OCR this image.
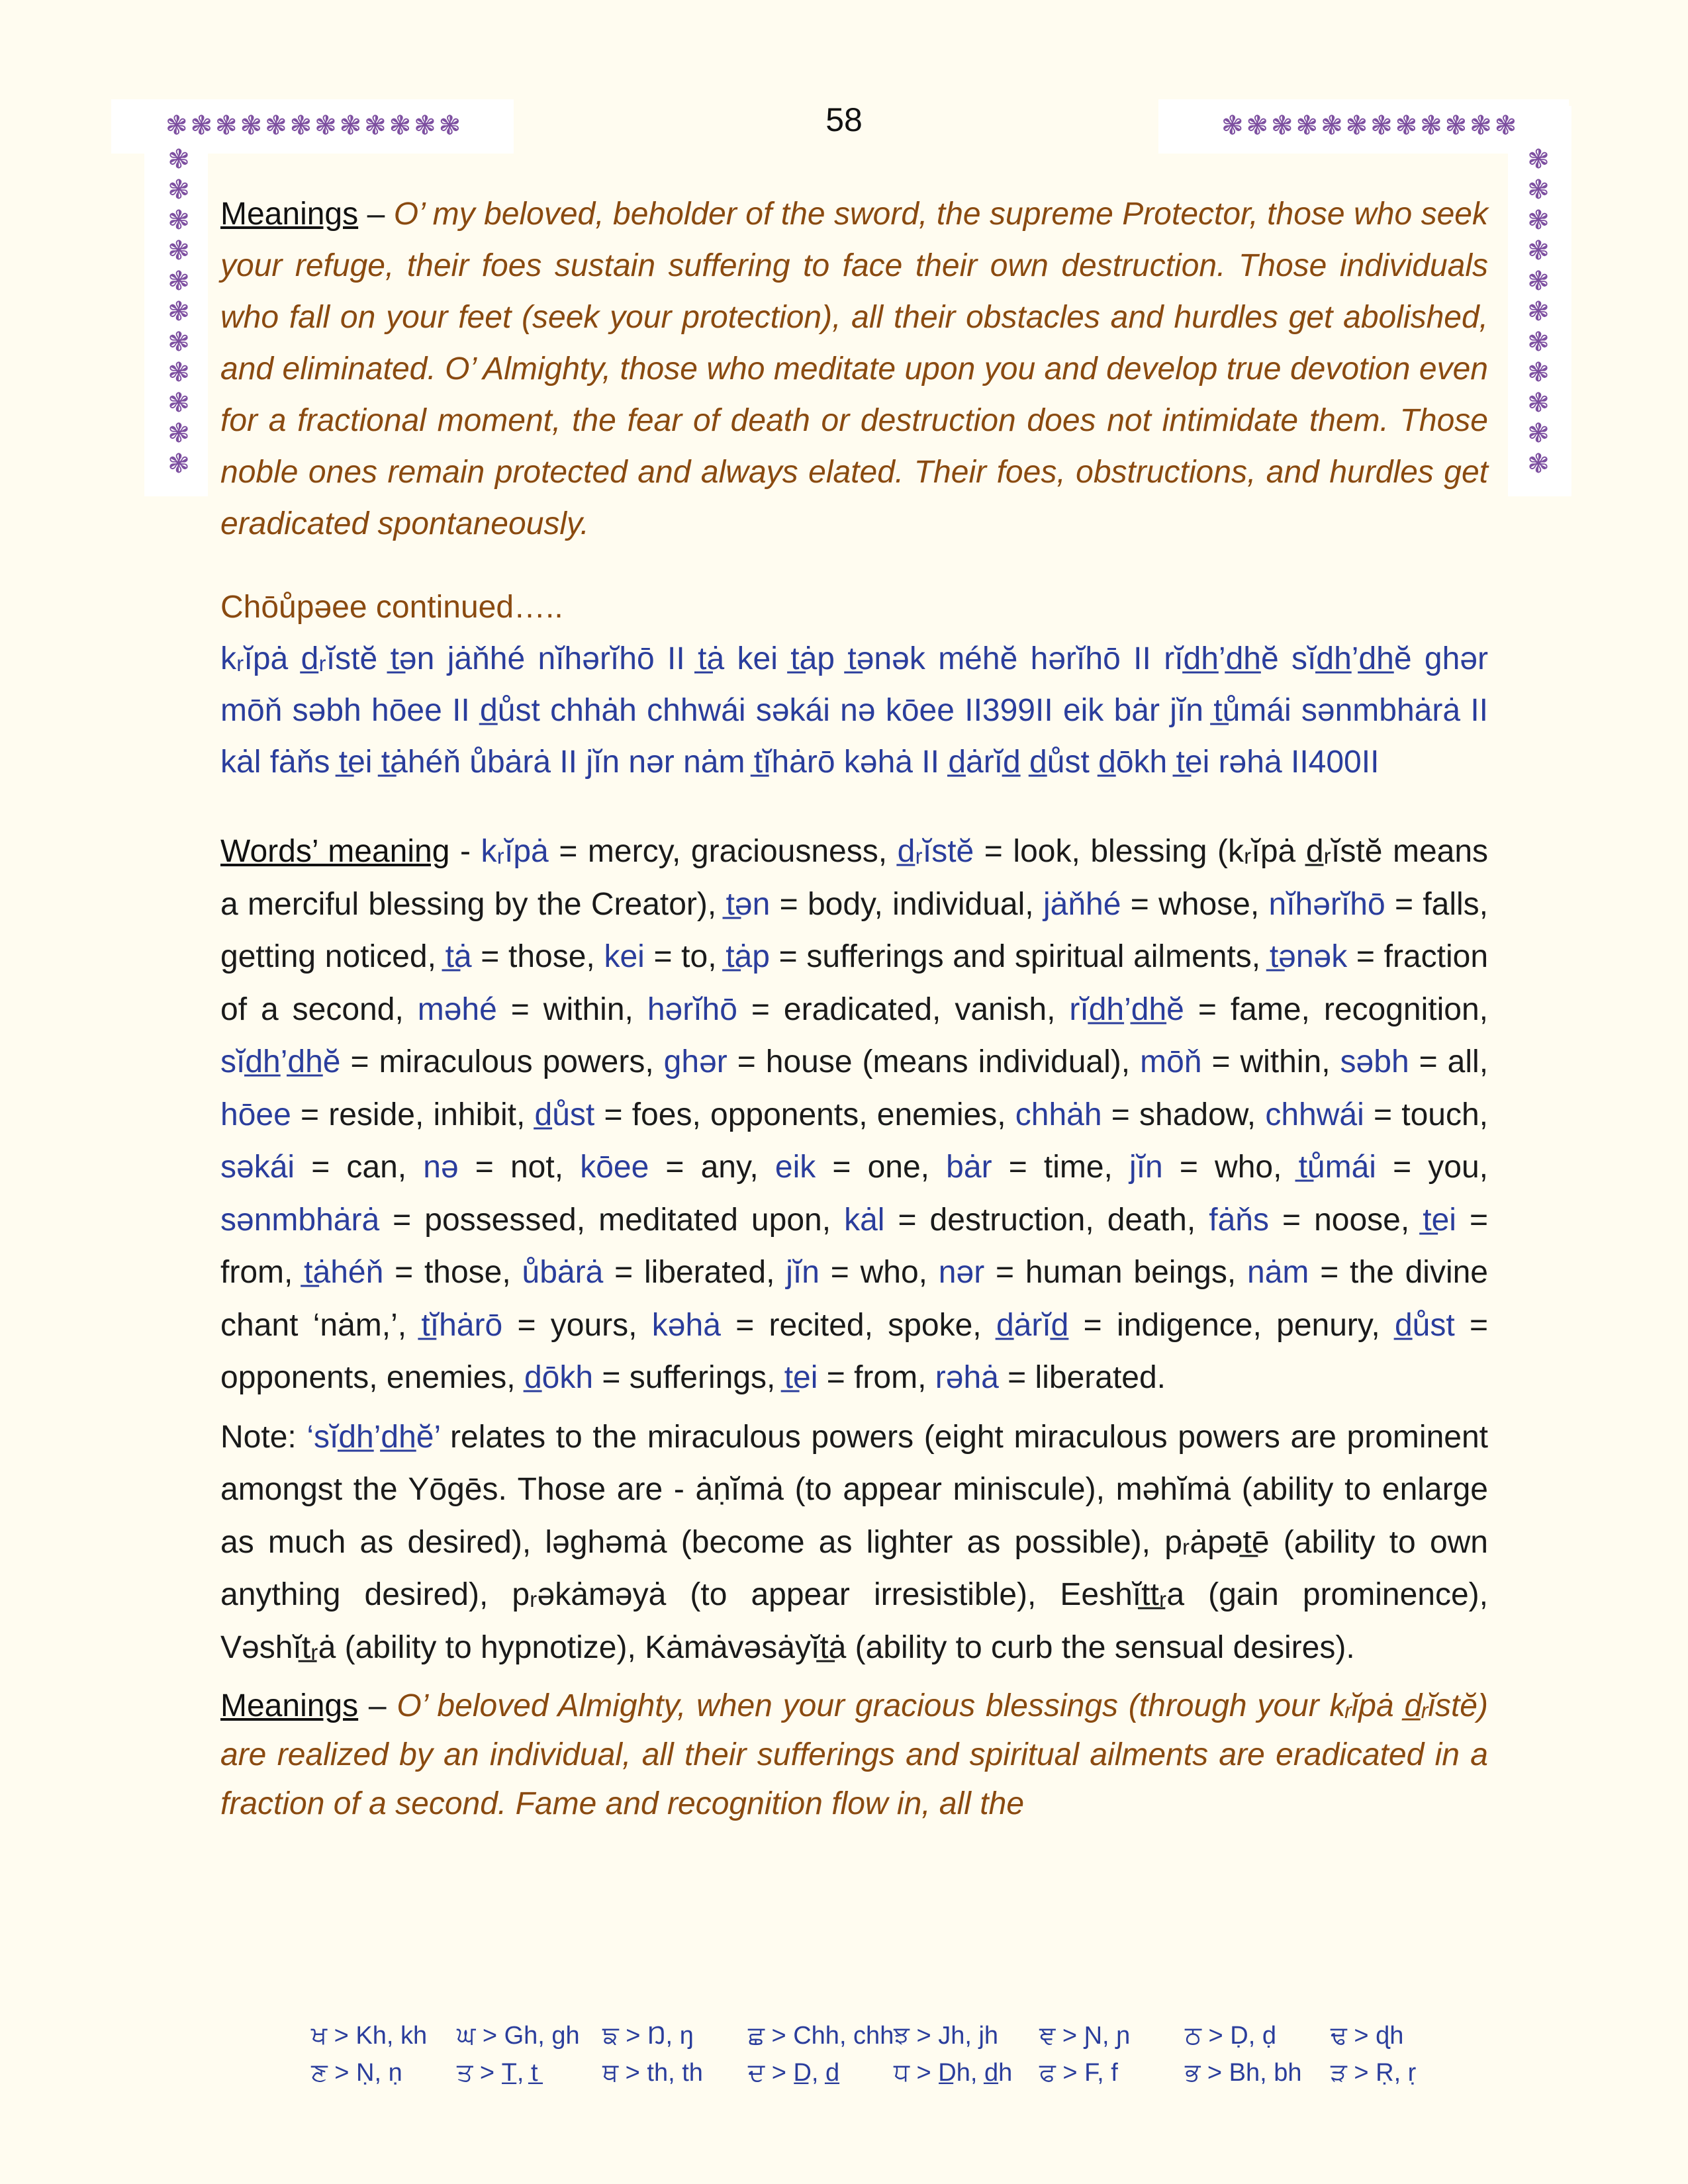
❃❃❃❃❃❃❃❃❃❃❃❃	❃❃❃❃❃❃❃❃❃❃❃❃
❃
❃
❃
❃
❃
❃
❃
❃
❃
❃
❃
❃
❃
❃
❃
❃
❃
❃
❃
❃
❃
❃
58

Meanings – O’ my beloved, beholder of the sword, the supreme Protector, those who seek your refuge, their foes sustain suffering to face their own destruction. Those individuals who fall on your feet (seek your protection), all their obstacles and hurdles get abolished, and eliminated. O’ Almighty, those who meditate upon you and develop true devotion even for a fractional moment, the fear of death or destruction does not intimidate them. Those noble ones remain protected and always elated. Their foes, obstructions, and hurdles get eradicated spontaneously.

Chōůpəee continued…..

kᵣĭpȧ d̲ᵣĭstĕ t̲ən jȧňhé nĭhərĭhō II t̲ȧ kei t̲ȧp t̲ənək méhĕ hərĭhō II rĭd̲h̲’d̲h̲ĕ sĭd̲h̲’d̲h̲ĕ ghər mōň səbh hōee II d̲ůst chhȧh chhwái səkái nə kōee II399II eik bȧr jĭn t̲ůmái sənmbhȧrȧ II kȧl fȧňs t̲ei t̲ȧhéň ůbȧrȧ II jĭn nər nȧm t̲ĭhȧrō kəhȧ II d̲ȧrĭd̲ d̲ůst d̲ōkh t̲ei rəhȧ II400II

Words’ meaning - kᵣĭpȧ = mercy, graciousness, d̲ᵣĭstĕ = look, blessing (kᵣĭpȧ d̲ᵣĭstĕ means a merciful blessing by the Creator), t̲ən = body, individual, jȧňhé = whose, nĭhərĭhō = falls, getting noticed, t̲ȧ = those, kei = to, t̲ȧp = sufferings and spiritual ailments, t̲ənək = fraction of a second, məhé = within, hərĭhō = eradicated, vanish, rĭd̲h̲’d̲h̲ĕ = fame, recognition, sĭd̲h̲’d̲h̲ĕ = miraculous powers, ghər = house (means individual), mōň = within, səbh = all, hōee = reside, inhibit, d̲ůst = foes, opponents, enemies, chhȧh = shadow, chhwái = touch, səkái = can, nə = not, kōee = any, eik = one, bȧr = time, jĭn = who, t̲ůmái = you, sənmbhȧrȧ = possessed, meditated upon, kȧl = destruction, death, fȧňs = noose, t̲ei = from, t̲ȧhéň = those, ůbȧrȧ = liberated, jĭn = who, nər = human beings, nȧm = the divine chant ‘nȧm,’, t̲ĭhȧrō = yours, kəhȧ = recited, spoke, d̲ȧrĭd̲ = indigence, penury, d̲ůst = opponents, enemies, d̲ōkh = sufferings, t̲ei = from, rəhȧ = liberated.

Note: ‘sĭd̲h̲’d̲h̲ĕ’ relates to the miraculous powers (eight miraculous powers are prominent amongst the Yōgēs. Those are - ȧṇĭmȧ (to appear miniscule), məhĭmȧ (ability to enlarge as much as desired), ləghəmȧ (become as lighter as possible), pᵣȧpət̲ē (ability to own anything desired), pᵣəkȧməyȧ (to appear irresistible), Eeshĭt̲t̲ᵣa (gain prominence), Vəshĭt̲ᵣȧ (ability to hypnotize), Kȧmȧvəsȧyĭt̲ȧ (ability to curb the sensual desires).

Meanings – O’ beloved Almighty, when your gracious blessings (through your kᵣĭpȧ d̲ᵣĭstĕ) are realized by an individual, all their sufferings and spiritual ailments are eradicated in a fraction of a second. Fame and recognition flow in, all the

ਖ > Kh, kh	ਘ > Gh, gh ਙ > Ŋ, ŋ	ਛ > Chh, chh ਝ > Jh, jh	ਞ > Ɲ, ɲ	ਠ > Ḍ, ḍ	ਢ > ɖh
ਣ > Ṇ, ṇ	ਤ > T̲, t̲	ਥ > th, th	ਦ > D̲, d̲	ਧ > D̲h, d̲h	ਫ > F, f	ਭ > Bh, bh	ੜ > Ṛ, ṛ
